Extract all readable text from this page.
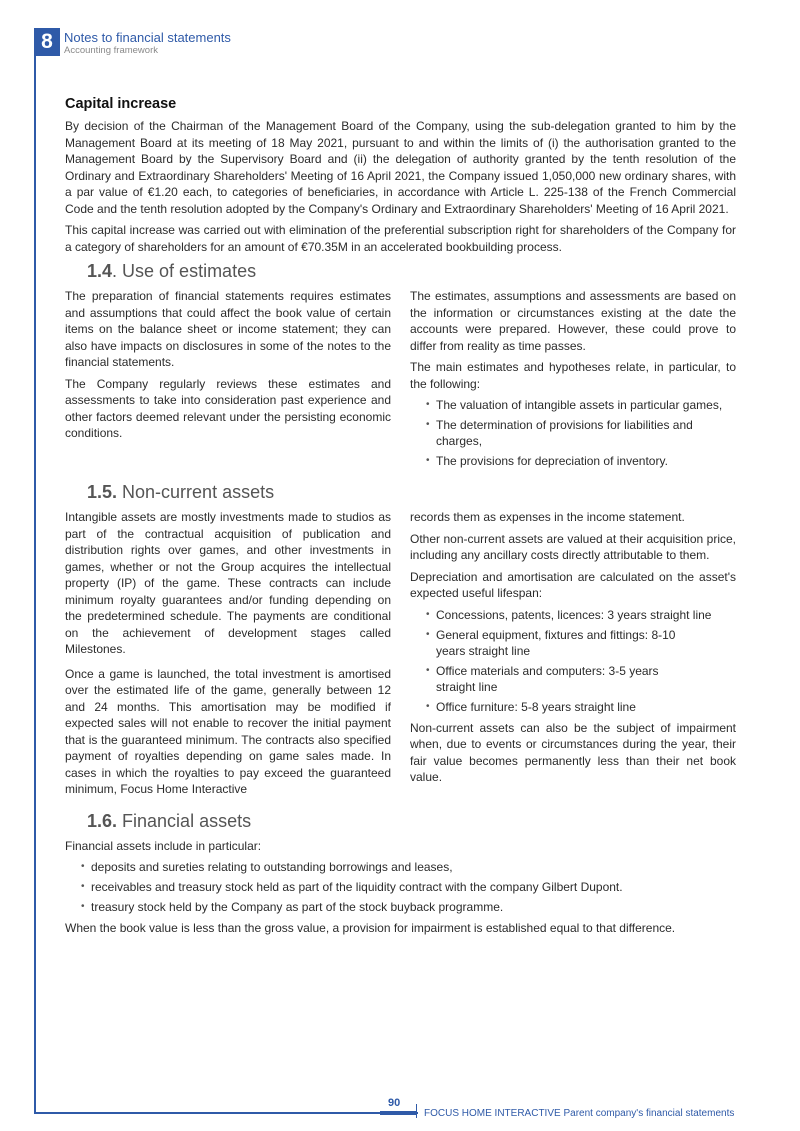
8 Notes to financial statements
Accounting framework
Capital increase

By decision of the Chairman of the Management Board of the Company, using the sub-delegation granted to him by the Management Board at its meeting of 18 May 2021, pursuant to and within the limits of (i) the authorisation granted to the Management Board by the Supervisory Board and (ii) the delegation of authority granted by the tenth resolution of the Ordinary and Extraordinary Shareholders' Meeting of 16 April 2021, the Company issued 1,050,000 new ordinary shares, with a par value of €1.20 each, to categories of beneficiaries, in accordance with Article L. 225-138 of the French Commercial Code and the tenth resolution adopted by the Company's Ordinary and Extraordinary Shareholders' Meeting of 16 April 2021.

This capital increase was carried out with elimination of the preferential subscription right for shareholders of the Company for a category of shareholders for an amount of €70.35M in an accelerated bookbuilding process.

1.4. Use of estimates

The preparation of financial statements requires estimates and assumptions that could affect the book value of certain items on the balance sheet or income statement; they can also have impacts on disclosures in some of the notes to the financial statements.

The Company regularly reviews these estimates and assessments to take into consideration past experience and other factors deemed relevant under the persisting economic conditions.

The estimates, assumptions and assessments are based on the information or circumstances existing at the date the accounts were prepared. However, these could prove to differ from reality as time passes.

The main estimates and hypotheses relate, in particular, to the following:

• The valuation of intangible assets in particular games,
• The determination of provisions for liabilities and charges,
• The provisions for depreciation of inventory.
1.5. Non-current assets

Intangible assets are mostly investments made to studios as part of the contractual acquisition of publication and distribution rights over games, and other investments in games, whether or not the Group acquires the intellectual property (IP) of the game. These contracts can include minimum royalty guarantees and/or funding depending on the predetermined schedule. The payments are conditional on the achievement of development stages called Milestones.

Once a game is launched, the total investment is amortised over the estimated life of the game, generally between 12 and 24 months. This amortisation may be modified if expected sales will not enable to recover the initial payment that is the guaranteed minimum. The contracts also specified payment of royalties depending on game sales made. In cases in which the royalties to pay exceed the guaranteed minimum, Focus Home Interactive

records them as expenses in the income statement.

Other non-current assets are valued at their acquisition price, including any ancillary costs directly attributable to them.

Depreciation and amortisation are calculated on the asset's expected useful lifespan:

• Concessions, patents, licences: 3 years straight line
• General equipment, fixtures and fittings: 8-10 years straight line
• Office materials and computers: 3-5 years straight line
• Office furniture: 5-8 years straight line

Non-current assets can also be the subject of impairment when, due to events or circumstances during the year, their fair value becomes permanently less than their net book value.

1.6. Financial assets

Financial assets include in particular:

• deposits and sureties relating to outstanding borrowings and leases,
• receivables and treasury stock held as part of the liquidity contract with the company Gilbert Dupont.
• treasury stock held by the Company as part of the stock buyback programme.

When the book value is less than the gross value, a provision for impairment is established equal to that difference.

90
FOCUS HOME INTERACTIVE Parent company's financial statements
